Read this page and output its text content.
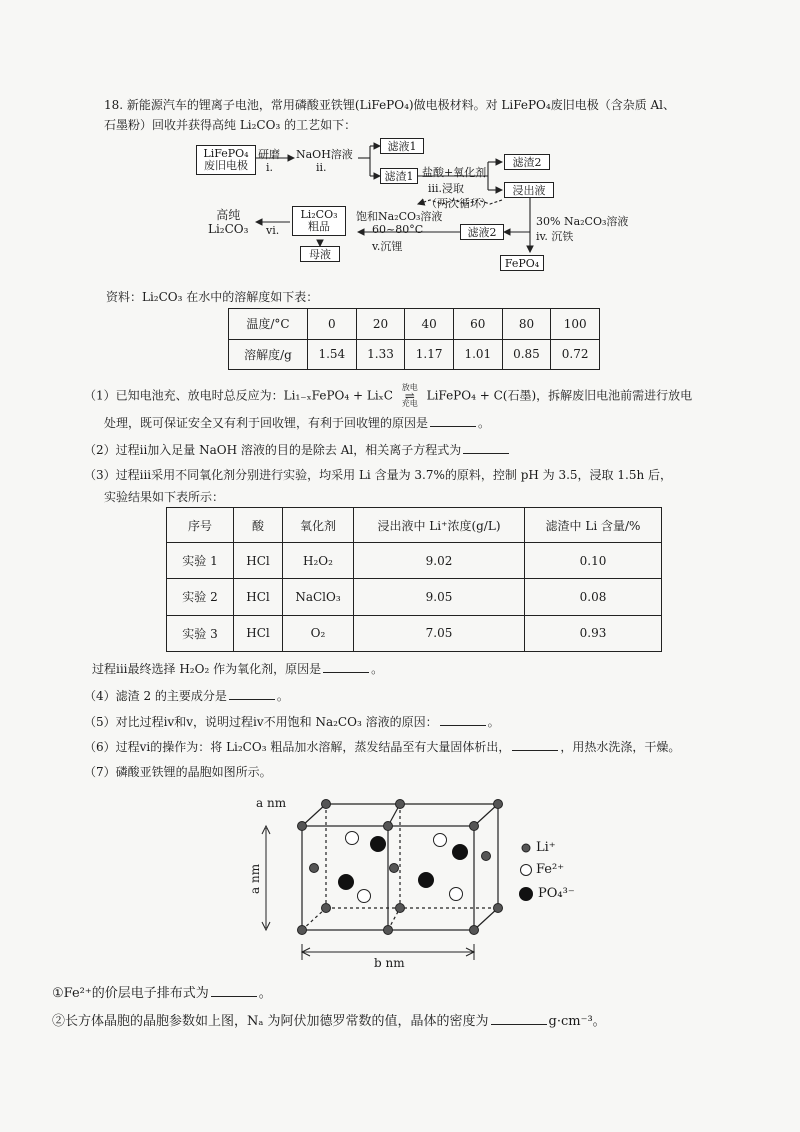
18. 新能源汽车的锂离子电池，常用磷酸亚铁锂(LiFePO₄)做电极材料。对 LiFePO₄废旧电极（含杂质 Al、
石墨粉）回收并获得高纯 Li₂CO₃ 的工艺如下：
LiFePO₄
废旧电极
研磨
i.
NaOH溶液
ii.
滤液1
滤渣1 盐酸+氧化剂
iii.浸取
（两次循环）
滤渣2
浸出液
30% Na₂CO₃溶液
iv. 沉铁
FePO₄
滤液2
饱和Na₂CO₃溶液
60~80°C
v.沉锂
Li₂CO₃
粗品
母液
vi.
高纯
Li₂CO₃
资料：Li₂CO₃ 在水中的溶解度如下表：
温度/°C	0	20	40	60	80	100
溶解度/g	1.54	1.33	1.17	1.01	0.85	0.72
（1）已知电池充、放电时总反应为：Li₁₋ₓFePO₄ + LiₓC
放电
⇌
充电
LiFePO₄ + C(石墨)，拆解废旧电池前需进行放电
处理，既可保证安全又有利于回收锂，有利于回收锂的原因是	。
（2）过程ii加入足量 NaOH 溶液的目的是除去 Al，相关离子方程式为
（3）过程iii采用不同氧化剂分别进行实验，均采用 Li 含量为 3.7%的原料，控制 pH 为 3.5，浸取 1.5h 后，
实验结果如下表所示：
序号	酸	氧化剂	浸出液中 Li⁺浓度(g/L)	滤渣中 Li 含量/%
实验 1	HCl	H₂O₂	9.02	0.10
实验 2	HCl	NaClO₃	9.05	0.08
实验 3	HCl	O₂	7.05	0.93
过程iii最终选择 H₂O₂ 作为氧化剂，原因是	。
（4）滤渣 2 的主要成分是	。
（5）对比过程iv和v，说明过程iv不用饱和 Na₂CO₃ 溶液的原因：	。
（6）过程vi的操作为：将 Li₂CO₃ 粗品加水溶解，蒸发结晶至有大量固体析出，	，用热水洗涤，干燥。
（7）磷酸亚铁锂的晶胞如图所示。
a nm
a nm
b nm
Li⁺
Fe²⁺
PO₄³⁻
①Fe²⁺的价层电子排布式为	。
②长方体晶胞的晶胞参数如上图，Nₐ 为阿伏加德罗常数的值，晶体的密度为	g·cm⁻³。
